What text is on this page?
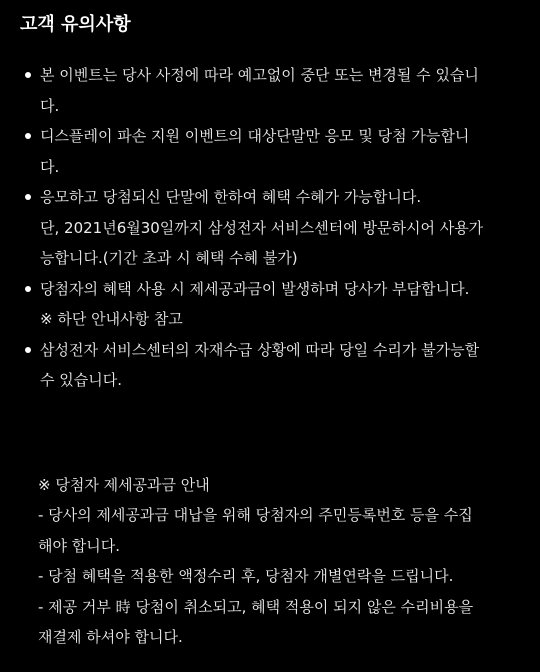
고객 유의사항
본 이벤트는 당사 사정에 따라 예고없이 중단 또는 변경될 수 있습니
다.
디스플레이 파손 지원 이벤트의 대상단말만 응모 및 당첨 가능합니
다.
응모하고 당첨되신 단말에 한하여 혜택 수혜가 가능합니다.
단, 2021년6월30일까지 삼성전자 서비스센터에 방문하시어 사용가
능합니다.(기간 초과 시 혜택 수혜 불가)
당첨자의 혜택 사용 시 제세공과금이 발생하며 당사가 부담합니다.
※ 하단 안내사항 참고
삼성전자 서비스센터의 자재수급 상황에 따라 당일 수리가 불가능할
수 있습니다.
※ 당첨자 제세공과금 안내
- 당사의 제세공과금 대납을 위해 당첨자의 주민등록번호 등을 수집
해야 합니다.
- 당첨 혜택을 적용한 액정수리 후, 당첨자 개별연락을 드립니다.
- 제공 거부 時 당첨이 취소되고, 혜택 적용이 되지 않은 수리비용을
재결제 하셔야 합니다.
